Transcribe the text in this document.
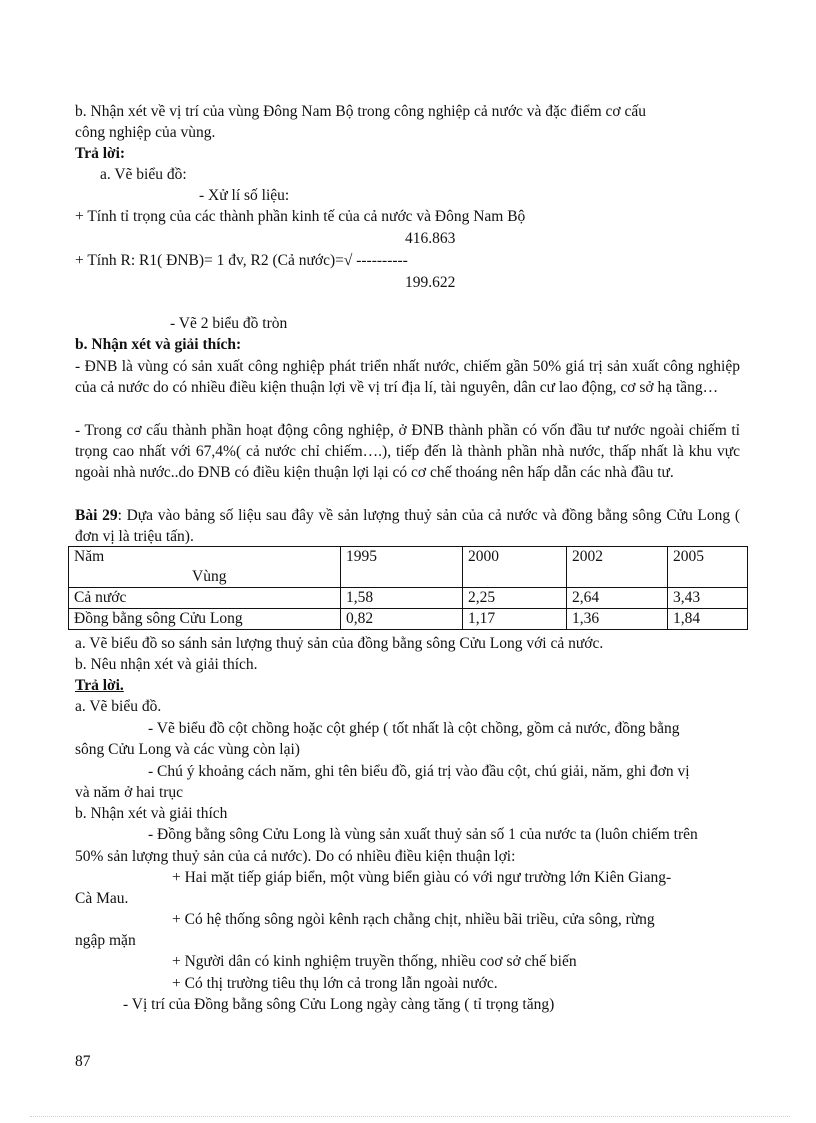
b. Nhận xét về vị trí của vùng Đông Nam Bộ trong công nghiệp cả nước và đặc điểm cơ cấu
công nghiệp của vùng.
Trả lời:
a. Vẽ biểu đồ:
- Xử lí số liệu:
+ Tính tỉ trọng của các thành phần kinh tế của cả nước và Đông Nam Bộ
416.863
+ Tính R: R1( ĐNB)= 1 đv, R2 (Cả nước)=√ ----------
199.622
- Vẽ 2 biểu đồ tròn
b. Nhận xét và giải thích:
- ĐNB là vùng có sản xuất công nghiệp phát triển nhất nước, chiếm gần 50% giá trị sản xuất công nghiệp của cả nước do có nhiều điều kiện thuận lợi về vị trí địa lí, tài nguyên, dân cư lao động, cơ sở hạ tầng…
- Trong cơ cấu thành phần hoạt động công nghiệp, ở ĐNB thành phần có vốn đầu tư nước ngoài chiếm tỉ trọng cao nhất với 67,4%( cả nước chỉ chiếm….), tiếp đến là thành phần nhà nước, thấp nhất là khu vực ngoài nhà nước..do ĐNB có điều kiện thuận lợi lại có cơ chế thoáng nên hấp dẫn các nhà đầu tư.
Bài 29: Dựa vào bảng số liệu sau đây về sản lượng thuỷ sản của cả nước và đồng bằng sông Cửu Long ( đơn vị là triệu tấn).
Năm
Vùng	1995	2000	2002	2005
Cả nước	1,58	2,25	2,64	3,43
Đồng bằng sông Cửu Long	0,82	1,17	1,36	1,84
a. Vẽ biểu đồ so sánh sản lượng thuỷ sản của đồng bằng sông Cửu Long với cả nước.
b. Nêu nhận xét và giải thích.
Trả lời.
a. Vẽ biểu đồ.
- Vẽ biểu đồ cột chồng hoặc cột ghép ( tốt nhất là cột chồng, gồm cả nước, đồng bằng
sông Cửu Long và các vùng còn lại)
- Chú ý khoảng cách năm, ghi tên biểu đồ, giá trị vào đầu cột, chú giải, năm, ghi đơn vị
và năm ở hai trục
b. Nhận xét và giải thích
- Đồng bằng sông Cửu Long là vùng sản xuất thuỷ sản số 1 của nước ta (luôn chiếm trên
50% sản lượng thuỷ sản của cả nước). Do có nhiều điều kiện thuận lợi:
+ Hai mặt tiếp giáp biển, một vùng biển giàu có với ngư trường lớn Kiên Giang-
Cà Mau.
+ Có hệ thống sông ngòi kênh rạch chằng chịt, nhiều bãi triều, cửa sông, rừng
ngập mặn
+ Người dân có kinh nghiệm truyền thống, nhiều coơ sở chế biến
+ Có thị trường tiêu thụ lớn cả trong lẫn ngoài nước.
- Vị trí của Đồng bằng sông Cửu Long ngày càng tăng ( tỉ trọng tăng)
87
